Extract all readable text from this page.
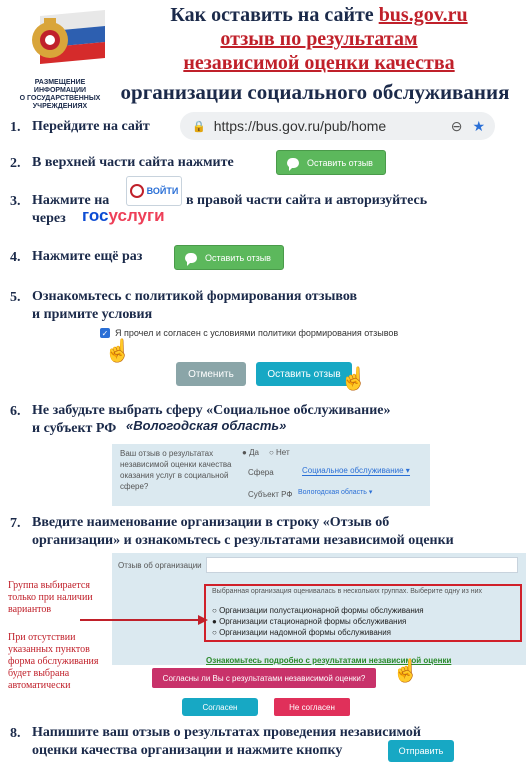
РАЗМЕЩЕНИЕ
ИНФОРМАЦИИ
О ГОСУДАРСТВЕННЫХ
УЧРЕЖДЕНИЯХ
Как оставить на сайте bus.gov.ru
отзыв по результатам
независимой оценки качества
организации социального обслуживания
1. Перейдите на сайт	🔒 https://bus.gov.ru/pub/home	⊖ ★
2. В верхней части сайта нажмите	Оставить отзыв
3. Нажмите на
ВОЙТИ
в правой части сайта и авторизуйтесь
через госуслуги
4. Нажмите ещё раз	Оставить отзыв
5. Ознакомьтесь с политикой формирования отзывов
и примите условия
✓ Я прочел и согласен с условиями политики формирования отзывов
☝
Отменить	Оставить отзыв ☝
6. Не забудьте выбрать сферу «Социальное обслуживание»
и субъект РФ «Вологодская область»
Ваш отзыв о результатах независимой оценки качества оказания услуг в социальной сфере?
● Да ○ Нет
Сфера	Социальное обслуживание ▾
Субъект РФ Вологодская область ▾
7. Введите наименование организации в строку «Отзыв об
организации» и ознакомьтесь с результатами независимой оценки
Отзыв об организации
Выбранная организация оценивалась в нескольких группах. Выберите одну из них
○ Организации полустационарной формы обслуживания
● Организации стационарной формы обслуживания
○ Организации надомной формы обслуживания
Ознакомьтесь подробно с результатами независимой оценки
☝
Согласны ли Вы с результатами независимой оценки?
Согласен	Не согласен
Группа выбирается только при наличии вариантов
При отсутствии указанных пунктов форма обслуживания будет выбрана автоматически
8. Напишите ваш отзыв о результатах проведения независимой
оценки качества организации и нажмите кнопку	Отправить
